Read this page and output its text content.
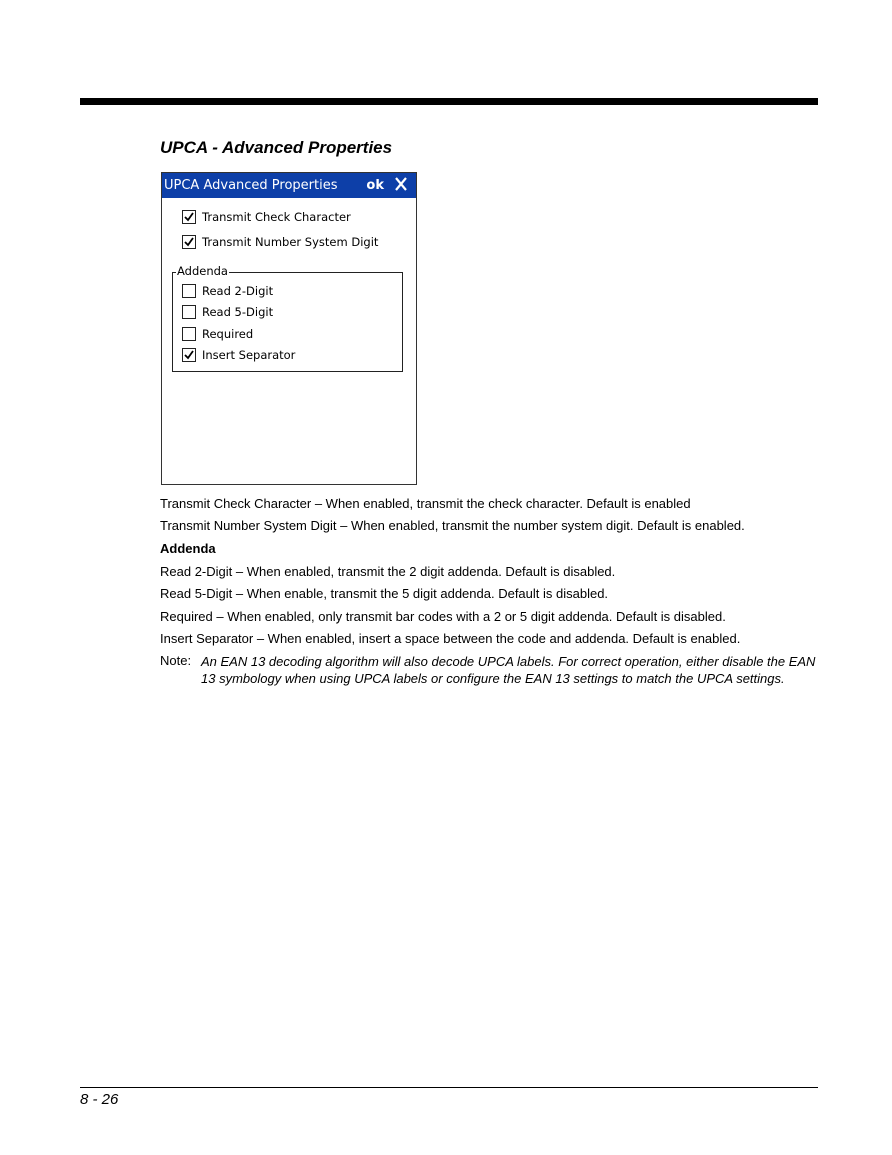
UPCA - Advanced Properties
UPCA Advanced Properties ok
Transmit Check Character
Transmit Number System Digit
Addenda
Read 2-Digit
Read 5-Digit
Required
Insert Separator

Transmit Check Character – When enabled, transmit the check character. Default is enabled

Transmit Number System Digit – When enabled, transmit the number system digit. Default is enabled.

Addenda

Read 2-Digit – When enabled, transmit the 2 digit addenda. Default is disabled.

Read 5-Digit – When enable, transmit the 5 digit addenda. Default is disabled.

Required – When enabled, only transmit bar codes with a 2 or 5 digit addenda. Default is disabled.

Insert Separator – When enabled, insert a space between the code and addenda. Default is enabled.

Note: An EAN 13 decoding algorithm will also decode UPCA labels. For correct operation, either disable the EAN 13 symbology when using UPCA labels or configure the EAN 13 settings to match the UPCA settings.
8 - 26
